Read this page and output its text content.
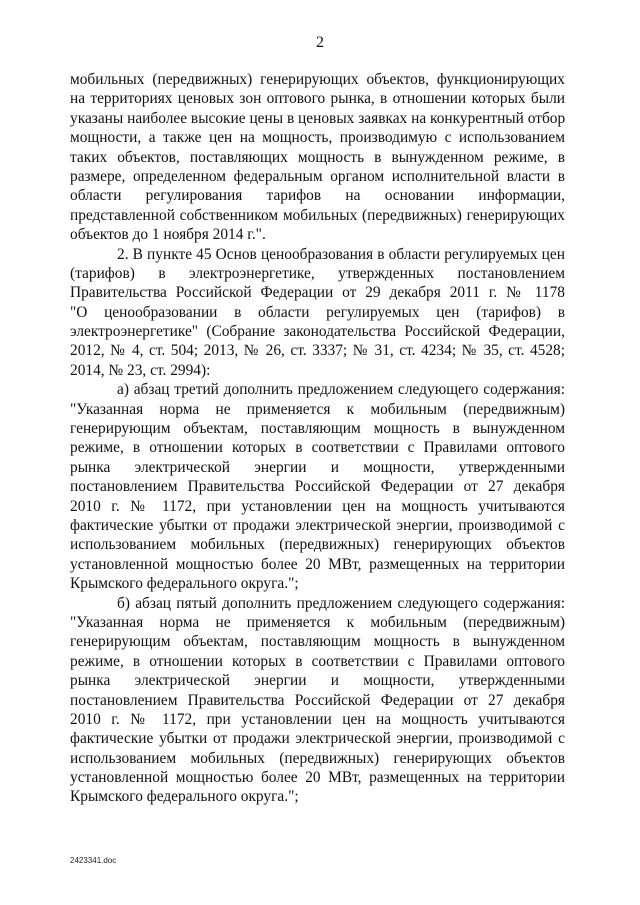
2
мобильных (передвижных) генерирующих объектов, функционирующих
на территориях ценовых зон оптового рынка, в отношении которых были
указаны наиболее высокие цены в ценовых заявках на конкурентный отбор
мощности, а также цен на мощность, производимую с использованием
таких объектов, поставляющих мощность в вынужденном режиме, в
размере, определенном федеральным органом исполнительной власти в
области регулирования тарифов на основании информации,
представленной собственником мобильных (передвижных) генерирующих
объектов до 1 ноября 2014 г.".
2. В пункте 45 Основ ценообразования в области регулируемых цен
(тарифов) в электроэнергетике, утвержденных постановлением
Правительства Российской Федерации от 29 декабря 2011 г. № 1178
"О ценообразовании в области регулируемых цен (тарифов) в
электроэнергетике" (Собрание законодательства Российской Федерации,
2012, № 4, ст. 504; 2013, № 26, ст. 3337; № 31, ст. 4234; № 35, ст. 4528;
2014, № 23, ст. 2994):
а) абзац третий дополнить предложением следующего содержания:
"Указанная норма не применяется к мобильным (передвижным)
генерирующим объектам, поставляющим мощность в вынужденном
режиме, в отношении которых в соответствии с Правилами оптового
рынка электрической энергии и мощности, утвержденными
постановлением Правительства Российской Федерации от 27 декабря
2010 г. № 1172, при установлении цен на мощность учитываются
фактические убытки от продажи электрической энергии, производимой с
использованием мобильных (передвижных) генерирующих объектов
установленной мощностью более 20 МВт, размещенных на территории
Крымского федерального округа.";
б) абзац пятый дополнить предложением следующего содержания:
"Указанная норма не применяется к мобильным (передвижным)
генерирующим объектам, поставляющим мощность в вынужденном
режиме, в отношении которых в соответствии с Правилами оптового
рынка электрической энергии и мощности, утвержденными
постановлением Правительства Российской Федерации от 27 декабря
2010 г. № 1172, при установлении цен на мощность учитываются
фактические убытки от продажи электрической энергии, производимой с
использованием мобильных (передвижных) генерирующих объектов
установленной мощностью более 20 МВт, размещенных на территории
Крымского федерального округа.";
2423341.doc
